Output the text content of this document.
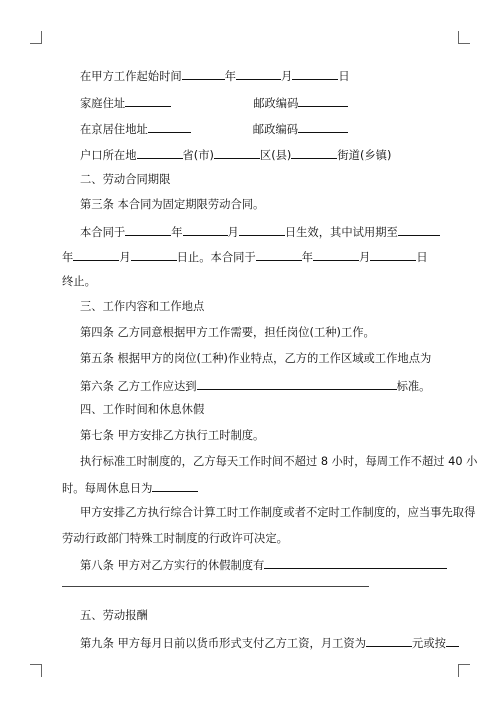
在甲方工作起始时间	年	月	日
家庭住址	邮政编码
在京居住地址	邮政编码
户口所在地	省(市)	区(县)	街道(乡镇)
二、劳动合同期限
第三条 本合同为固定期限劳动合同。
本合同于	年	月	日生效，其中试用期至
年	月	日止。本合同于	年	月	日
终止。
三、工作内容和工作地点
第四条 乙方同意根据甲方工作需要，担任岗位(工种)工作。
第五条 根据甲方的岗位(工种)作业特点，乙方的工作区域或工作地点为
第六条 乙方工作应达到	标准。
四、工作时间和休息休假
第七条 甲方安排乙方执行工时制度。
执行标准工时制度的，乙方每天工作时间不超过 8 小时，每周工作不超过 40 小
时。每周休息日为
甲方安排乙方执行综合计算工时工作制度或者不定时工作制度的，应当事先取得
劳动行政部门特殊工时制度的行政许可决定。
第八条 甲方对乙方实行的休假制度有
五、劳动报酬
第九条 甲方每月日前以货币形式支付乙方工资，月工资为	元或按
